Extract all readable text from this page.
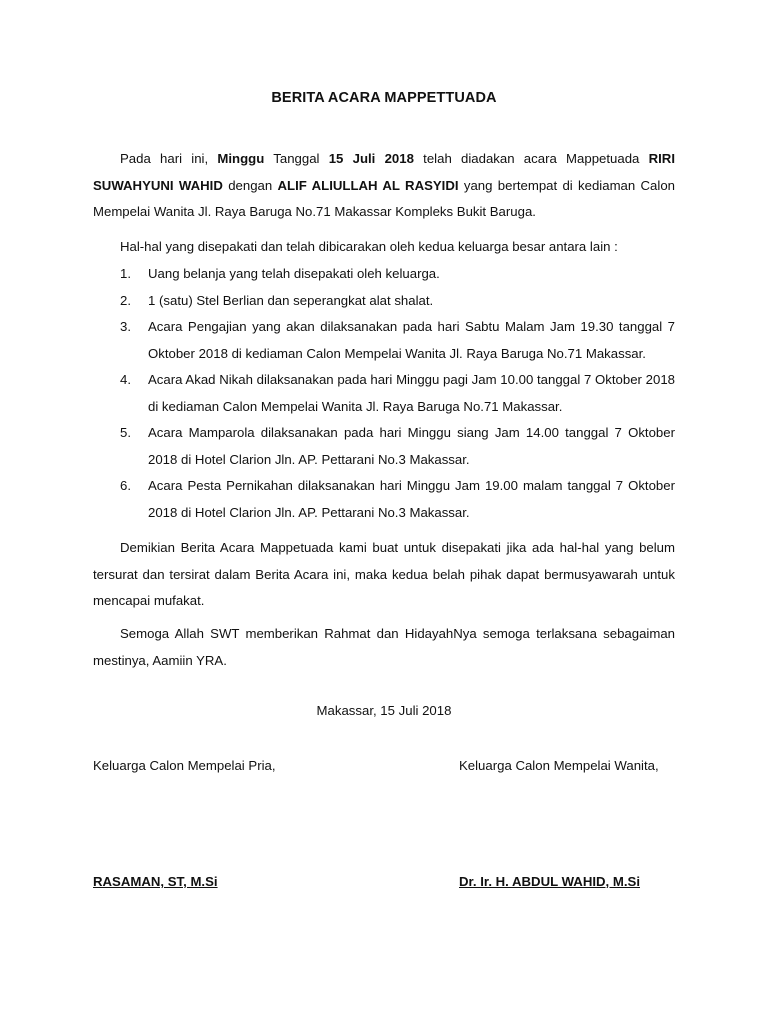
BERITA ACARA MAPPETTUADA
Pada hari ini, Minggu Tanggal 15 Juli 2018 telah diadakan acara Mappetuada RIRI SUWAHYUNI WAHID dengan ALIF ALIULLAH AL RASYIDI yang bertempat di kediaman Calon Mempelai Wanita Jl. Raya Baruga No.71 Makassar Kompleks Bukit Baruga.
Hal-hal yang disepakati dan telah dibicarakan oleh kedua keluarga besar antara lain :
1. Uang belanja yang telah disepakati oleh keluarga.
2. 1 (satu) Stel Berlian dan seperangkat alat shalat.
3. Acara Pengajian yang akan dilaksanakan pada hari Sabtu Malam Jam 19.30 tanggal 7 Oktober 2018 di kediaman Calon Mempelai Wanita Jl. Raya Baruga No.71 Makassar.
4. Acara Akad Nikah dilaksanakan pada hari Minggu pagi Jam 10.00 tanggal 7 Oktober 2018 di kediaman Calon Mempelai Wanita Jl. Raya Baruga No.71 Makassar.
5. Acara Mamparola dilaksanakan pada hari Minggu siang Jam 14.00 tanggal 7 Oktober 2018 di Hotel Clarion Jln. AP. Pettarani No.3 Makassar.
6. Acara Pesta Pernikahan dilaksanakan hari Minggu Jam 19.00 malam tanggal 7 Oktober 2018 di Hotel Clarion Jln. AP. Pettarani No.3 Makassar.
Demikian Berita Acara Mappetuada kami buat untuk disepakati jika ada hal-hal yang belum tersurat dan tersirat dalam Berita Acara ini, maka kedua belah pihak dapat bermusyawarah untuk mencapai mufakat.
Semoga Allah SWT memberikan Rahmat dan HidayahNya semoga terlaksana sebagaiman mestinya, Aamiin YRA.
Makassar, 15 Juli 2018
Keluarga Calon Mempelai Pria,	Keluarga Calon Mempelai Wanita,
RASAMAN, ST, M.Si	Dr. Ir. H. ABDUL WAHID, M.Si
